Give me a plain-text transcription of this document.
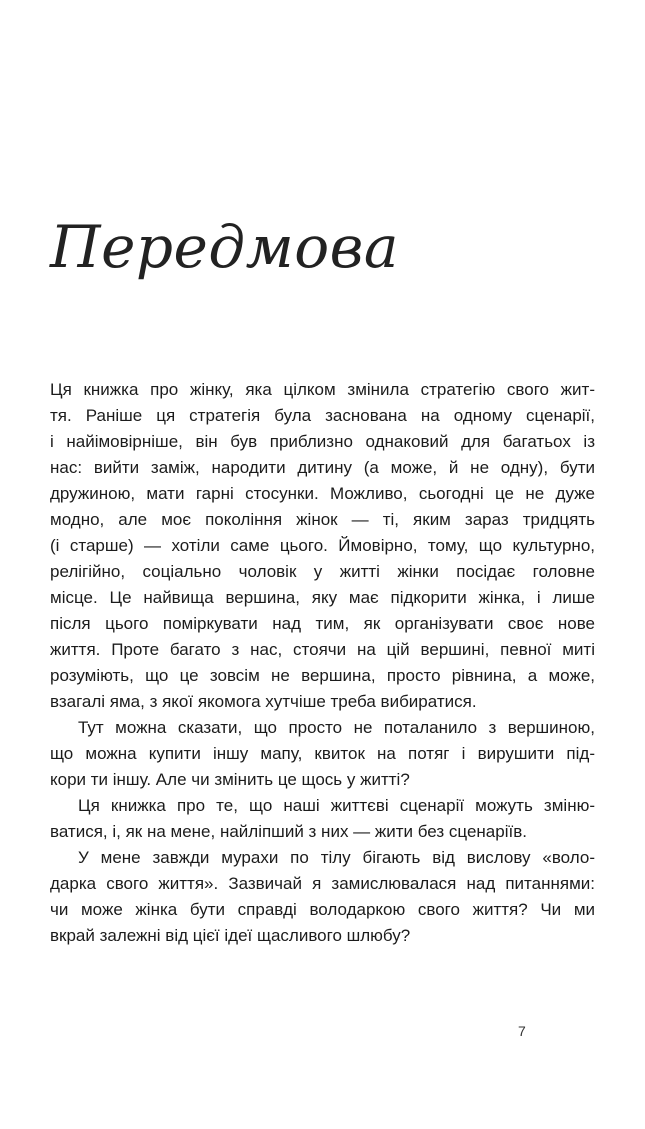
Передмова
Ця книжка про жінку, яка цілком змінила стратегію свого жит-
тя. Раніше ця стратегія була заснована на одному сценарії,
і найімовірніше, він був приблизно однаковий для багатьох із
нас: вийти заміж, народити дитину (а може, й не одну), бути
дружиною, мати гарні стосунки. Можливо, сьогодні це не дуже
модно, але моє покоління жінок — ті, яким зараз тридцять
(і старше) — хотіли саме цього. Ймовірно, тому, що культурно,
релігійно, соціально чоловік у житті жінки посідає головне
місце. Це найвища вершина, яку має підкорити жінка, і лише
після цього поміркувати над тим, як організувати своє нове
життя. Проте багато з нас, стоячи на цій вершині, певної миті
розуміють, що це зовсім не вершина, просто рівнина, а може,
взагалі яма, з якої якомога хутчіше треба вибиратися.
Тут можна сказати, що просто не поталанило з вершиною,
що можна купити іншу мапу, квиток на потяг і вирушити під-
кори ти іншу. Але чи змінить це щось у житті?
Ця книжка про те, що наші життєві сценарії можуть зміню-
ватися, і, як на мене, найліпший з них — жити без сценаріїв.
У мене завжди мурахи по тілу бігають від вислову «воло-
дарка свого життя». Зазвичай я замислювалася над питаннями:
чи може жінка бути справді володаркою свого життя? Чи ми
вкрай залежні від цієї ідеї щасливого шлюбу?
7
